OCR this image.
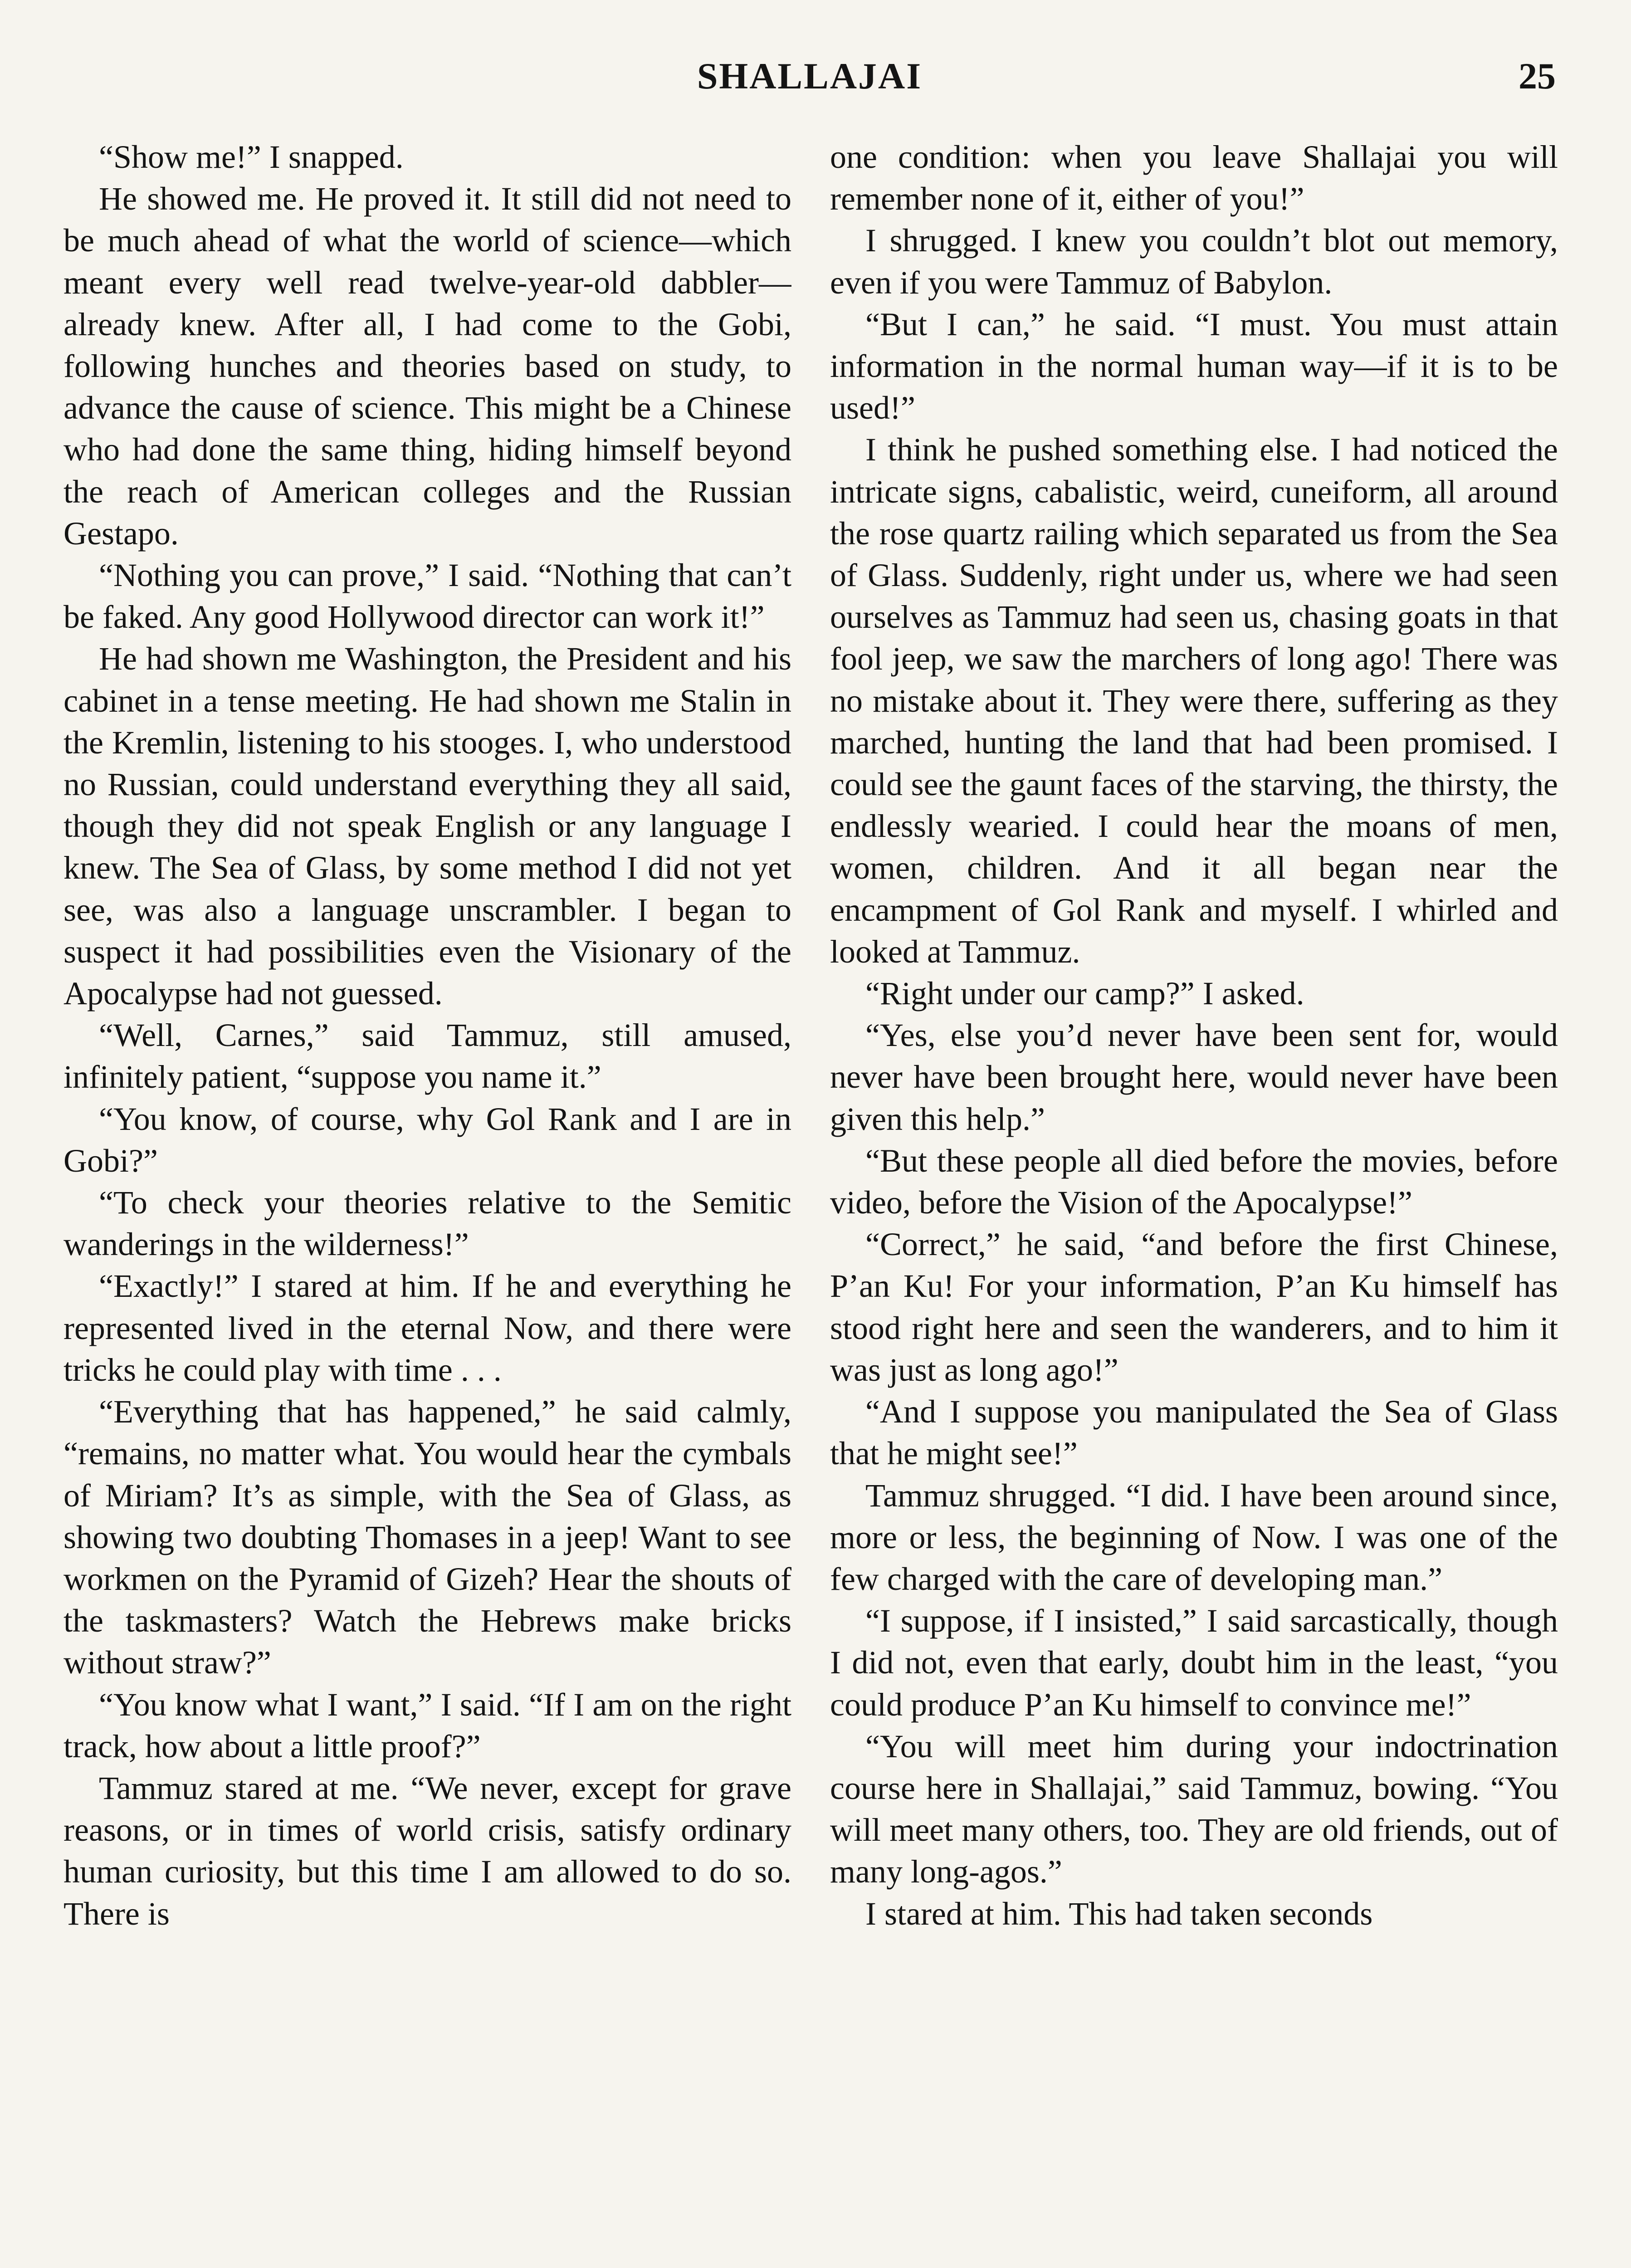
SHALLAJAI	25

“Show me!” I snapped.

He showed me. He proved it. It still did not need to be much ahead of what the world of science—which meant every well read twelve-year-old dabbler—already knew. After all, I had come to the Gobi, following hunches and theories based on study, to advance the cause of science. This might be a Chinese who had done the same thing, hiding himself beyond the reach of American colleges and the Russian Gestapo.

“Nothing you can prove,” I said. “Nothing that can’t be faked. Any good Hollywood director can work it!”

He had shown me Washington, the President and his cabinet in a tense meeting. He had shown me Stalin in the Kremlin, listening to his stooges. I, who understood no Russian, could understand everything they all said, though they did not speak English or any language I knew. The Sea of Glass, by some method I did not yet see, was also a language unscrambler. I began to suspect it had possibilities even the Visionary of the Apocalypse had not guessed.

“Well, Carnes,” said Tammuz, still amused, infinitely patient, “suppose you name it.”

“You know, of course, why Gol Rank and I are in Gobi?”

“To check your theories relative to the Semitic wanderings in the wilderness!”

“Exactly!” I stared at him. If he and everything he represented lived in the eternal Now, and there were tricks he could play with time . . .

“Everything that has happened,” he said calmly, “remains, no matter what. You would hear the cymbals of Miriam? It’s as simple, with the Sea of Glass, as showing two doubting Thomases in a jeep! Want to see workmen on the Pyramid of Gizeh? Hear the shouts of the taskmasters? Watch the Hebrews make bricks without straw?”

“You know what I want,” I said. “If I am on the right track, how about a little proof?”

Tammuz stared at me. “We never, except for grave reasons, or in times of world crisis, satisfy ordinary human curiosity, but this time I am allowed to do so. There is

one condition: when you leave Shallajai you will remember none of it, either of you!”

I shrugged. I knew you couldn’t blot out memory, even if you were Tammuz of Babylon.

“But I can,” he said. “I must. You must attain information in the normal human way—if it is to be used!”

I think he pushed something else. I had noticed the intricate signs, cabalistic, weird, cuneiform, all around the rose quartz railing which separated us from the Sea of Glass. Suddenly, right under us, where we had seen ourselves as Tammuz had seen us, chasing goats in that fool jeep, we saw the marchers of long ago! There was no mistake about it. They were there, suffering as they marched, hunting the land that had been promised. I could see the gaunt faces of the starving, the thirsty, the endlessly wearied. I could hear the moans of men, women, children. And it all began near the encampment of Gol Rank and myself. I whirled and looked at Tammuz.

“Right under our camp?” I asked.

“Yes, else you’d never have been sent for, would never have been brought here, would never have been given this help.”

“But these people all died before the movies, before video, before the Vision of the Apocalypse!”

“Correct,” he said, “and before the first Chinese, P’an Ku! For your information, P’an Ku himself has stood right here and seen the wanderers, and to him it was just as long ago!”

“And I suppose you manipulated the Sea of Glass that he might see!”

Tammuz shrugged. “I did. I have been around since, more or less, the beginning of Now. I was one of the few charged with the care of developing man.”

“I suppose, if I insisted,” I said sarcastically, though I did not, even that early, doubt him in the least, “you could produce P’an Ku himself to convince me!”

“You will meet him during your indoctrination course here in Shallajai,” said Tammuz, bowing. “You will meet many others, too. They are old friends, out of many long-agos.”

I stared at him. This had taken seconds
